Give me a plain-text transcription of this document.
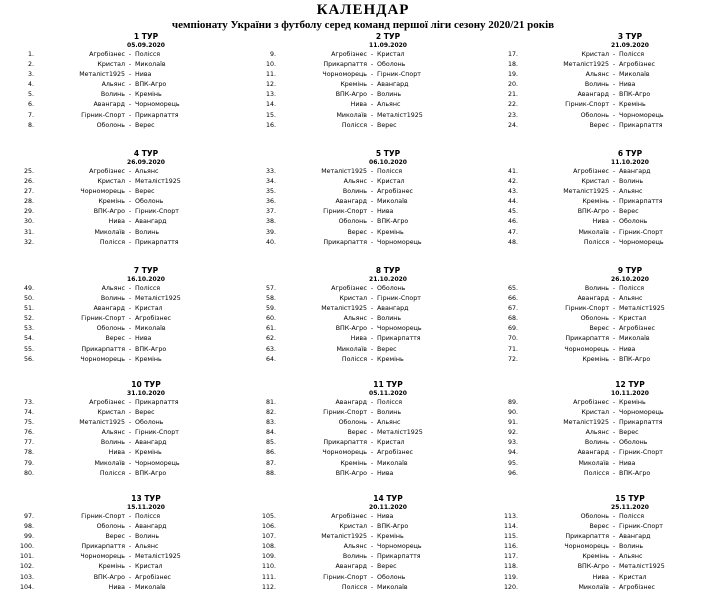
КАЛЕНДАР
чемпіонату України з футболу серед команд першої ліги сезону 2020/21 років
1 ТУР
05.09.2020
1.	Агробізнес - Полісся
2.	Кристал - Миколаїв
3.	Металіст1925 - Нива
4.	Альянс - ВПК-Агро
5.	Волинь - Кремінь
6.	Авангард - Чорноморець
7.	Гірник-Спорт - Прикарпаття
8.	Оболонь - Верес
2 ТУР
11.09.2020
9.	Агробізнес - Кристал
10.	Прикарпаття - Оболонь
11.	Чорноморець - Гірник-Спорт
12.	Кремінь - Авангард
13.	ВПК-Агро - Волинь
14.	Нива - Альянс
15.	Миколаїв - Металіст1925
16.	Полісся - Верес
3 ТУР
21.09.2020
17.	Кристал - Полісся
18.	Металіст1925 - Агробізнес
19.	Альянс - Миколаїв
20.	Волинь - Нива
21.	Авангард - ВПК-Агро
22.	Гірник-Спорт - Кремінь
23.	Оболонь - Чорноморець
24.	Верес - Прикарпаття
4 ТУР
26.09.2020
25.	Агробізнес - Альянс
26.	Кристал - Металіст1925
27.	Чорноморець - Верес
28.	Кремінь - Оболонь
29.	ВПК-Агро - Гірник-Спорт
30.	Нива - Авангард
31.	Миколаїв - Волинь
32.	Полісся - Прикарпаття
5 ТУР
06.10.2020
33.	Металіст1925 - Полісся
34.	Альянс - Кристал
35.	Волинь - Агробізнес
36.	Авангард - Миколаїв
37.	Гірник-Спорт - Нива
38.	Оболонь - ВПК-Агро
39.	Верес - Кремінь
40.	Прикарпаття - Чорноморець
6 ТУР
11.10.2020
41.	Агробізнес - Авангард
42.	Кристал - Волинь
43.	Металіст1925 - Альянс
44.	Кремінь - Прикарпаття
45.	ВПК-Агро - Верес
46.	Нива - Оболонь
47.	Миколаїв - Гірник-Спорт
48.	Полісся - Чорноморець
7 ТУР
16.10.2020
49.	Альянс - Полісся
50.	Волинь - Металіст1925
51.	Авангард - Кристал
52.	Гірник-Спорт - Агробізнес
53.	Оболонь - Миколаїв
54.	Верес - Нива
55.	Прикарпаття - ВПК-Агро
56.	Чорноморець - Кремінь
8 ТУР
21.10.2020
57.	Агробізнес - Оболонь
58.	Кристал - Гірник-Спорт
59.	Металіст1925 - Авангард
60.	Альянс - Волинь
61.	ВПК-Агро - Чорноморець
62.	Нива - Прикарпаття
63.	Миколаїв - Верес
64.	Полісся - Кремінь
9 ТУР
26.10.2020
65.	Волинь - Полісся
66.	Авангард - Альянс
67.	Гірник-Спорт - Металіст1925
68.	Оболонь - Кристал
69.	Верес - Агробізнес
70.	Прикарпаття - Миколаїв
71.	Чорноморець - Нива
72.	Кремінь - ВПК-Агро
10 ТУР
31.10.2020
73.	Агробізнес - Прикарпаття
74.	Кристал - Верес
75.	Металіст1925 - Оболонь
76.	Альянс - Гірник-Спорт
77.	Волинь - Авангард
78.	Нива - Кремінь
79.	Миколаїв - Чорноморець
80.	Полісся - ВПК-Агро
11 ТУР
05.11.2020
81.	Авангард - Полісся
82.	Гірник-Спорт - Волинь
83.	Оболонь - Альянс
84.	Верес - Металіст1925
85.	Прикарпаття - Кристал
86.	Чорноморець - Агробізнес
87.	Кремінь - Миколаїв
88.	ВПК-Агро - Нива
12 ТУР
10.11.2020
89.	Агробізнес - Кремінь
90.	Кристал - Чорноморець
91.	Металіст1925 - Прикарпаття
92.	Альянс - Верес
93.	Волинь - Оболонь
94.	Авангард - Гірник-Спорт
95.	Миколаїв - Нива
96.	Полісся - ВПК-Агро
13 ТУР
15.11.2020
97.	Гірник-Спорт - Полісся
98.	Оболонь - Авангард
99.	Верес - Волинь
100.	Прикарпаття - Альянс
101.	Чорноморець - Металіст1925
102.	Кремінь - Кристал
103.	ВПК-Агро - Агробізнес
104.	Нива - Миколаїв
14 ТУР
20.11.2020
105.	Агробізнес - Нива
106.	Кристал - ВПК-Агро
107.	Металіст1925 - Кремінь
108.	Альянс - Чорноморець
109.	Волинь - Прикарпаття
110.	Авангард - Верес
111.	Гірник-Спорт - Оболонь
112.	Полісся - Миколаїв
15 ТУР
25.11.2020
113.	Оболонь - Полісся
114.	Верес - Гірник-Спорт
115.	Прикарпаття - Авангард
116.	Чорноморець - Волинь
117.	Кремінь - Альянс
118.	ВПК-Агро - Металіст1925
119.	Нива - Кристал
120.	Миколаїв - Агробізнес
